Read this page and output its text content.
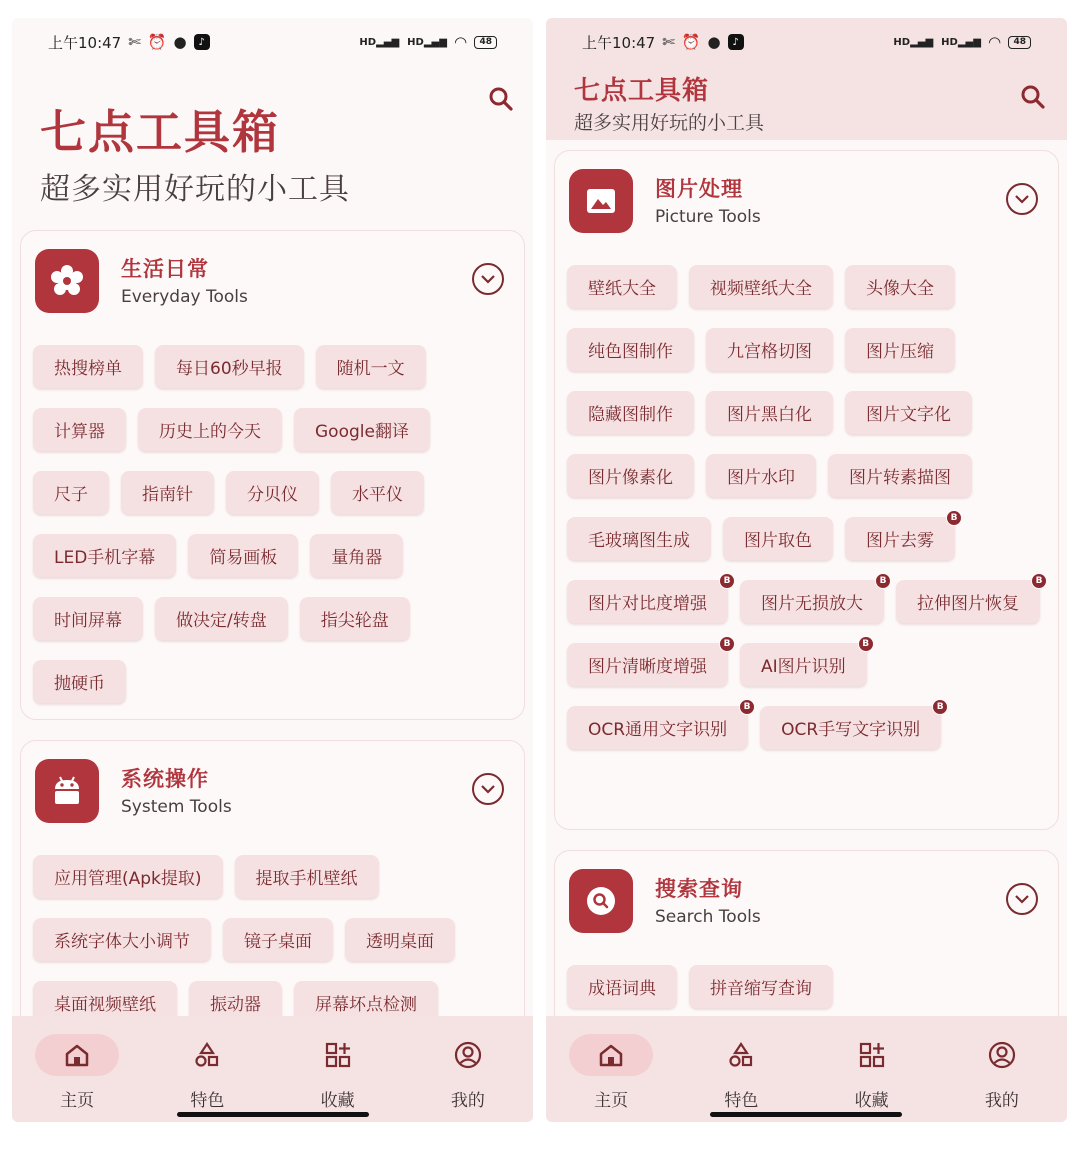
上午10:47 ✄ ⏰ ●	♪	HD▂▄▆ HD▂▄▆ ◠	48
七点工具箱
超多实用好玩的小工具
生活日常
Everyday Tools
热搜榜单	每日60秒早报	随机一文
计算器	历史上的今天	Google翻译
尺子	指南针	分贝仪	水平仪
LED手机字幕	简易画板	量角器
时间屏幕	做决定/转盘	指尖轮盘
抛硬币
系统操作
System Tools
应用管理(Apk提取)	提取手机壁纸
系统字体大小调节	镜子桌面	透明桌面
桌面视频壁纸	振动器	屏幕坏点检测
主页	特色	收藏	我的
上午10:47 ✄ ⏰ ●	♪	HD▂▄▆ HD▂▄▆ ◠	48
七点工具箱
超多实用好玩的小工具
图片处理
Picture Tools
壁纸大全	视频壁纸大全	头像大全
纯色图制作	九宫格切图	图片压缩
隐藏图制作	图片黑白化	图片文字化
图片像素化	图片水印	图片转素描图
毛玻璃图生成	图片取色	图片去雾
B
图片对比度增强
B
图片无损放大
B
拉伸图片恢复
B
图片清晰度增强
B
AI图片识别
B
OCR通用文字识别
B
OCR手写文字识别
B
搜索查询
Search Tools
成语词典	拼音缩写查询
主页	特色	收藏	我的
